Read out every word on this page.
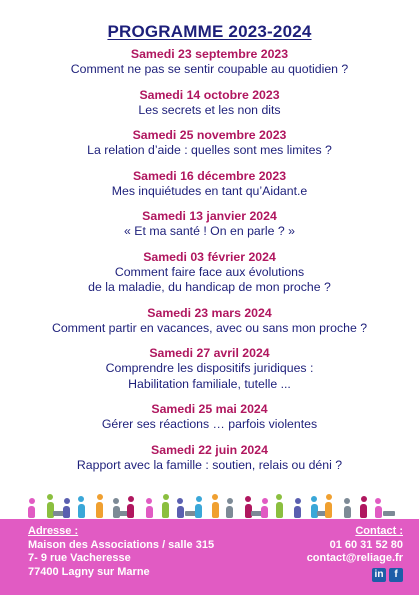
PROGRAMME 2023-2024
Samedi 23 septembre 2023
Comment ne pas se sentir coupable au quotidien ?
Samedi 14 octobre 2023
Les secrets et les non dits
Samedi 25 novembre 2023
La relation d’aide : quelles sont mes limites ?
Samedi 16 décembre 2023
Mes inquiétudes en tant qu’Aidant.e
Samedi 13 janvier 2024
« Et ma santé ! On en parle ? »
Samedi 03 février 2024
Comment faire face aux évolutions
de la maladie, du handicap de mon proche ?
Samedi 23 mars 2024
Comment partir en vacances, avec ou sans mon proche ?
Samedi 27 avril 2024
Comprendre les dispositifs juridiques :
Habilitation familiale, tutelle ...
Samedi 25 mai 2024
Gérer ses réactions … parfois violentes
Samedi 22 juin 2024
Rapport avec la famille : soutien, relais ou déni ?
Adresse :
Maison des Associations / salle 315
7- 9 rue Vacheresse
77400 Lagny sur Marne
Contact :
01 60 31 52 80
contact@reliage.fr
in	f
